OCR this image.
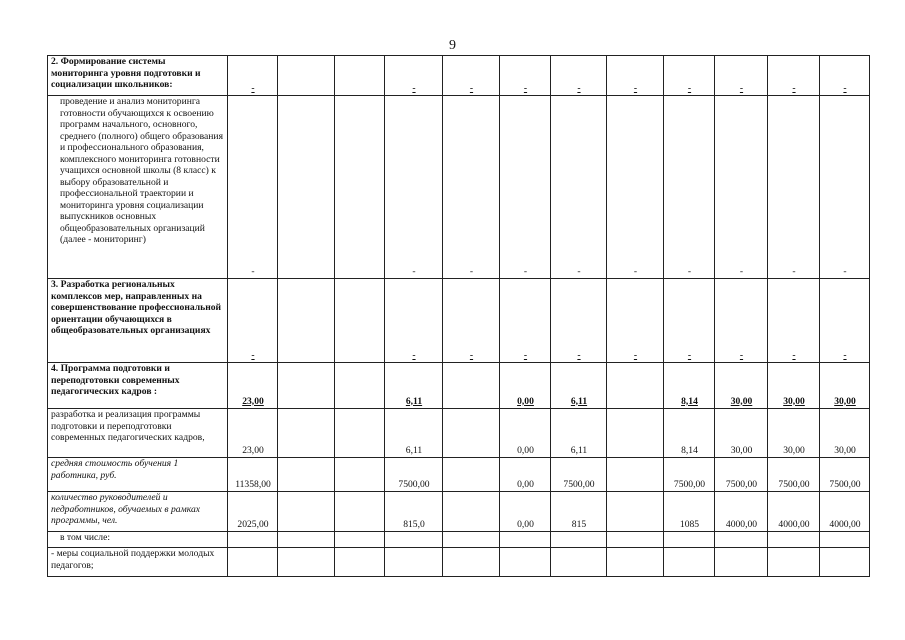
9
2. Формирование системы мониторинга уровня подготовки и социализации школьников:	-			-	-	-	-	-	-	-	-	-
проведение и анализ мониторинга готовности обучающихся к освоению программ начального, основного, среднего (полного) общего образования и профессионального образования, комплексного мониторинга готовности учащихся основной школы (8 класс) к выбору образовательной и профессиональной траектории и мониторинга уровня социализации выпускников основных общеобразовательных организаций (далее - мониторинг)	-			-	-	-	-	-	-	-	-	-
3. Разработка региональных комплексов мер, направленных на совершенствование профессиональной ориентации обучающихся в общеобразовательных организациях	-			-	-	-	-	-	-	-	-	-
4. Программа подготовки и переподготовки современных педагогических кадров :	23,00			6,11		0,00	6,11		8,14	30,00	30,00	30,00
разработка и реализация программы подготовки и переподготовки современных педагогических кадров,	23,00			6,11		0,00	6,11		8,14	30,00	30,00	30,00
средняя стоимость обучения 1 работника, руб.	11358,00			7500,00		0,00	7500,00		7500,00	7500,00	7500,00	7500,00
количество руководителей и педработников, обучаемых в рамках программы, чел.	2025,00			815,0		0,00	815		1085	4000,00	4000,00	4000,00
в том числе:												
- меры социальной поддержки молодых педагогов;												
